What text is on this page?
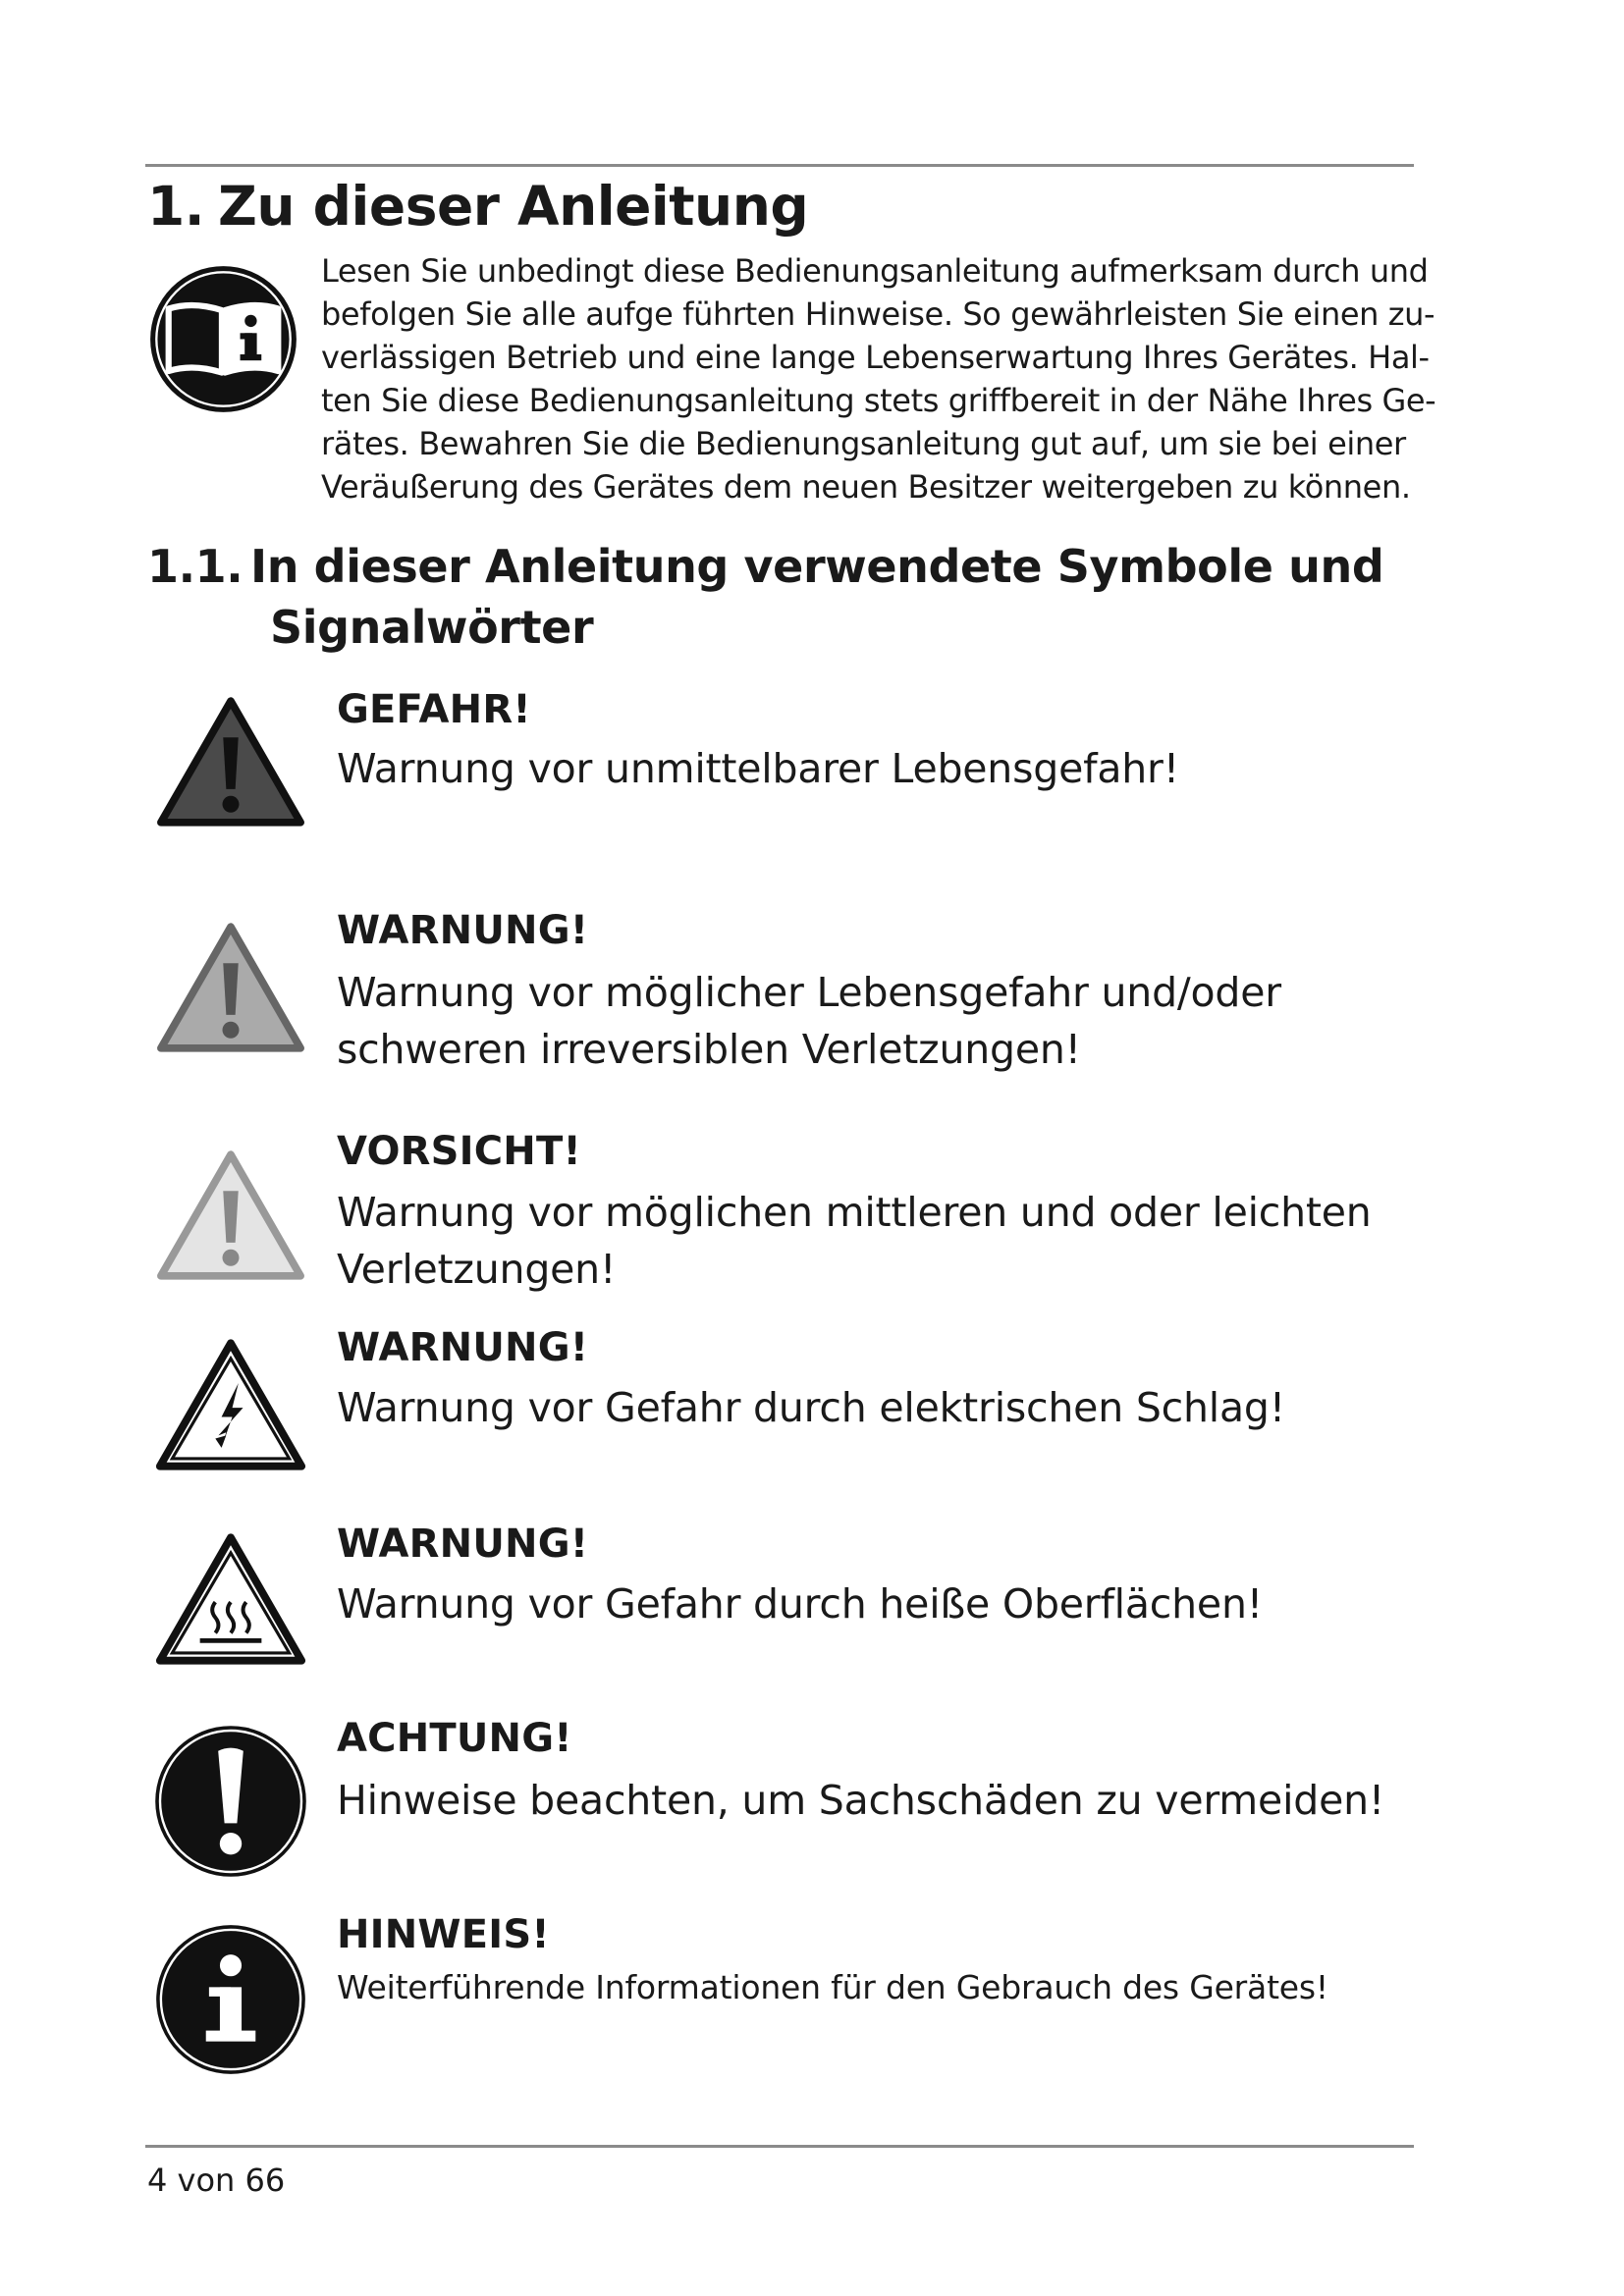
1. Zu dieser Anleitung

Lesen Sie unbedingt diese Bedienungsanleitung aufmerksam durch und
befolgen Sie alle aufge führten Hinweise. So gewährleisten Sie einen zu-
verlässigen Betrieb und eine lange Lebenserwartung Ihres Gerätes. Hal-
ten Sie diese Bedienungsanleitung stets griffbereit in der Nähe Ihres Ge-
rätes. Bewahren Sie die Bedienungsanleitung gut auf, um sie bei einer
Veräußerung des Gerätes dem neuen Besitzer weitergeben zu können.

1.1. In dieser Anleitung verwendete Symbole und
Signalwörter
GEFAHR!
Warnung vor unmittelbarer Lebensgefahr!
WARNUNG!
Warnung vor möglicher Lebensgefahr und/oder
schweren irreversiblen Verletzungen!
VORSICHT!
Warnung vor möglichen mittleren und oder leichten
Verletzungen!
WARNUNG!
Warnung vor Gefahr durch elektrischen Schlag!
WARNUNG!
Warnung vor Gefahr durch heiße Oberflächen!
ACHTUNG!
Hinweise beachten, um Sachschäden zu vermeiden!
HINWEIS!
Weiterführende Informationen für den Gebrauch des Gerätes!
4 von 66
